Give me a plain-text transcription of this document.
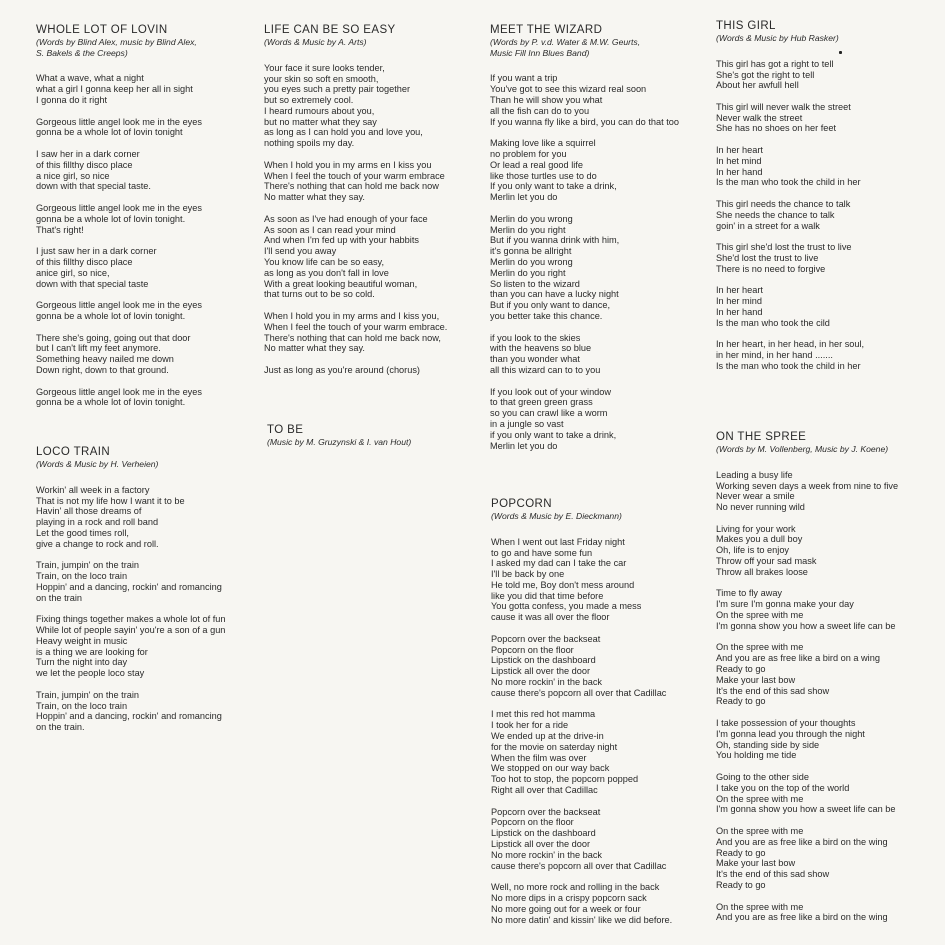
WHOLE LOT OF LOVIN
(Words by Blind Alex, music by Blind Alex,
S. Bakels & the Creeps)
What a wave, what a night
what a girl I gonna keep her all in sight
I gonna do it right
Gorgeous little angel look me in the eyes
gonna be a whole lot of lovin tonight
I saw her in a dark corner
of this fillthy disco place
a nice girl, so nice
down with that special taste.
Gorgeous little angel look me in the eyes
gonna be a whole lot of lovin tonight.
That's right!
I just saw her in a dark corner
of this fillthy disco place
anice girl, so nice,
down with that special taste
Gorgeous little angel look me in the eyes
gonna be a whole lot of lovin tonight.
There she's going, going out that door
but I can't lift my feet anymore.
Something heavy nailed me down
Down right, down to that ground.
Gorgeous little angel look me in the eyes
gonna be a whole lot of lovin tonight.
LOCO TRAIN
(Words & Music by H. Verheien)
Workin' all week in a factory
That is not my life how I want it to be
Havin' all those dreams of
playing in a rock and roll band
Let the good times roll,
give a change to rock and roll.
Train, jumpin' on the train
Train, on the loco train
Hoppin' and a dancing, rockin' and romancing
on the train
Fixing things together makes a whole lot of fun
While lot of people sayin' you're a son of a gun
Heavy weight in music
is a thing we are looking for
Turn the night into day
we let the people loco stay
Train, jumpin' on the train
Train, on the loco train
Hoppin' and a dancing, rockin' and romancing
on the train.
LIFE CAN BE SO EASY
(Words & Music by A. Arts)
Your face it sure looks tender,
your skin so soft en smooth,
you eyes such a pretty pair together
but so extremely cool.
I heard rumours about you,
but no matter what they say
as long as I can hold you and love you,
nothing spoils my day.
When I hold you in my arms en I kiss you
When I feel the touch of your warm embrace
There's nothing that can hold me back now
No matter what they say.
As soon as I've had enough of your face
As soon as I can read your mind
And when I'm fed up with your habbits
I'll send you away
You know life can be so easy,
as long as you don't fall in love
With a great looking beautiful woman,
that turns out to be so cold.
When I hold you in my arms and I kiss you,
When I feel the touch of your warm embrace.
There's nothing that can hold me back now,
No matter what they say.
Just as long as you're around (chorus)
TO BE
(Music by M. Gruzynski & I. van Hout)
MEET THE WIZARD
(Words by P. v.d. Water & M.W. Geurts,
Music Fill Inn Blues Band)
If you want a trip
You've got to see this wizard real soon
Than he will show you what
all the fish can do to you
If you wanna fly like a bird, you can do that too
Making love like a squirrel
no problem for you
Or lead a real good life
like those turtles use to do
If you only want to take a drink,
Merlin let you do
Merlin do you wrong
Merlin do you right
But if you wanna drink with him,
it's gonna be allright
Merlin do you wrong
Merlin do you right
So listen to the wizard
than you can have a lucky night
But if you only want to dance,
you better take this chance.
if you look to the skies
with the heavens so blue
than you wonder what
all this wizard can to to you
If you look out of your window
to that green green grass
so you can crawl like a worm
in a jungle so vast
if you only want to take a drink,
Merlin let you do
POPCORN
(Words & Music by E. Dieckmann)
When I went out last Friday night
to go and have some fun
I asked my dad can I take the car
I'll be back by one
He told me, Boy don't mess around
like you did that time before
You gotta confess, you made a mess
cause it was all over the floor
Popcorn over the backseat
Popcorn on the floor
Lipstick on the dashboard
Lipstick all over the door
No more rockin' in the back
cause there's popcorn all over that Cadillac
I met this red hot mamma
I took her for a ride
We ended up at the drive-in
for the movie on saterday night
When the film was over
We stopped on our way back
Too hot to stop, the popcorn popped
Right all over that Cadillac
Popcorn over the backseat
Popcorn on the floor
Lipstick on the dashboard
Lipstick all over the door
No more rockin' in the back
cause there's popcorn all over that Cadillac
Well, no more rock and rolling in the back
No more dips in a crispy popcorn sack
No more going out for a week or four
No more datin' and kissin' like we did before.
THIS GIRL
(Words & Music by Hub Rasker)
This girl has got a right to tell
She's got the right to tell
About her awfull hell
This girl will never walk the street
Never walk the street
She has no shoes on her feet
In her heart
In het mind
In her hand
Is the man who took the child in her
This girl needs the chance to talk
She needs the chance to talk
goin' in a street for a walk
This girl she'd lost the trust to live
She'd lost the trust to live
There is no need to forgive
In her heart
In her mind
In her hand
Is the man who took the cild
In her heart, in her head, in her soul,
in her mind, in her hand .......
Is the man who took the child in her
ON THE SPREE
(Words by M. Vollenberg, Music by J. Koene)
Leading a busy life
Working seven days a week from nine to five
Never wear a smile
No never running wild
Living for your work
Makes you a dull boy
Oh, life is to enjoy
Throw off your sad mask
Throw all brakes loose
Time to fly away
I'm sure I'm gonna make your day
On the spree with me
I'm gonna show you how a sweet life can be
On the spree with me
And you are as free like a bird on a wing
Ready to go
Make your last bow
It's the end of this sad show
Ready to go
I take possession of your thoughts
I'm gonna lead you through the night
Oh, standing side by side
You holding me tide
Going to the other side
I take you on the top of the world
On the spree with me
I'm gonna show you how a sweet life can be
On the spree with me
And you are as free like a bird on the wing
Ready to go
Make your last bow
It's the end of this sad show
Ready to go
On the spree with me
And you are as free like a bird on the wing
